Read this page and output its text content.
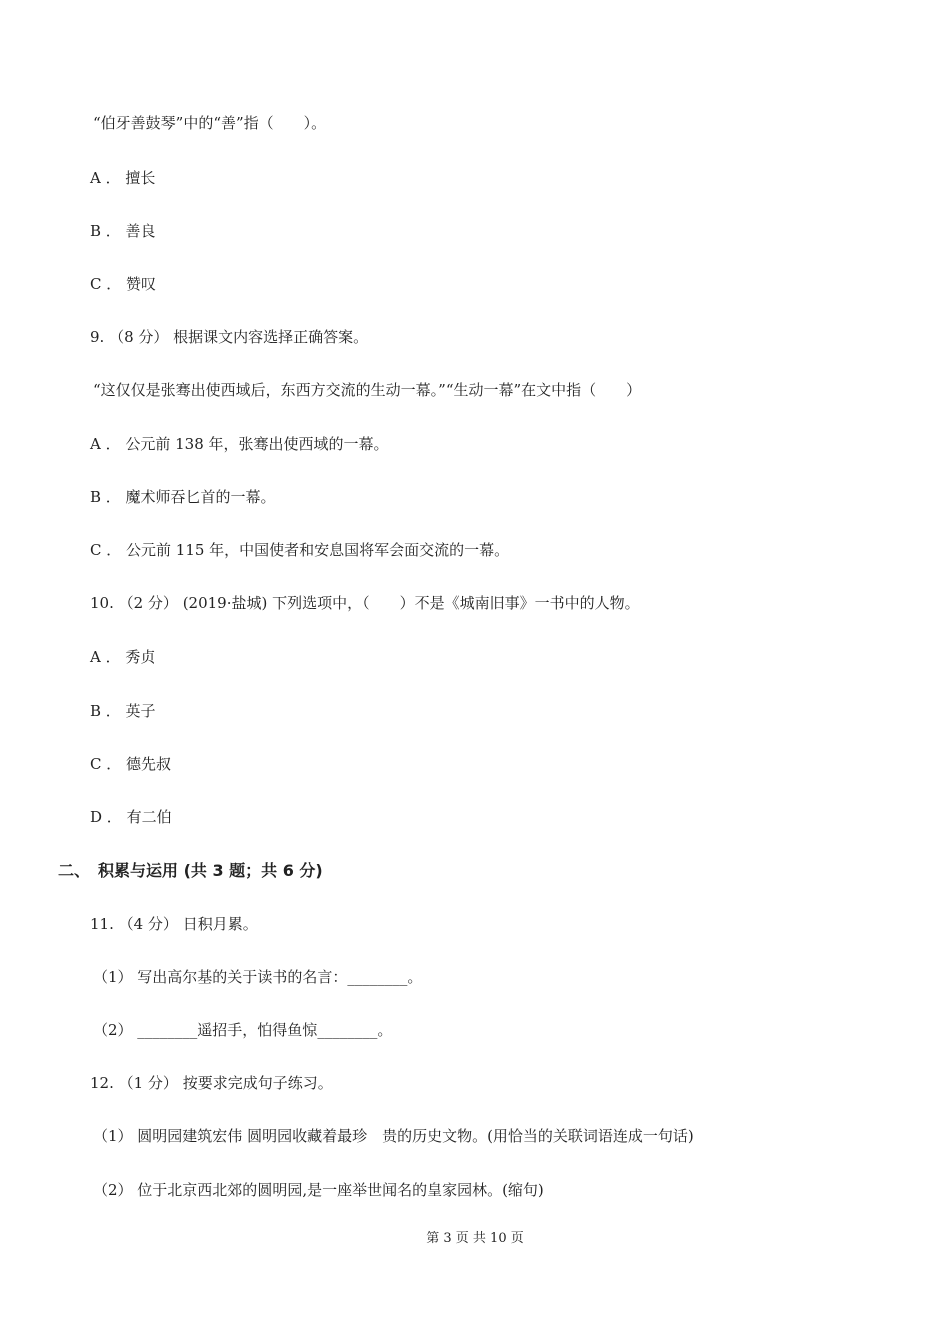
“伯牙善鼓琴”中的“善”指（　　）。
A ． 擅长
B ． 善良
C ． 赞叹
9. （8 分） 根据课文内容选择正确答案。
“这仅仅是张骞出使西域后，东西方交流的生动一幕。”“生动一幕”在文中指（　　）
A ． 公元前 138 年，张骞出使西域的一幕。
B ． 魔术师吞匕首的一幕。
C ． 公元前 115 年，中国使者和安息国将军会面交流的一幕。
10. （2 分） (2019·盐城) 下列选项中，（　　）不是《城南旧事》一书中的人物。
A ． 秀贞
B ． 英子
C ． 德先叔
D ． 有二伯
二、　积累与运用 (共 3 题；共 6 分)
11. （4 分） 日积月累。
（1） 写出高尔基的关于读书的名言：________。
（2） ________遥招手，怕得鱼惊________。
12. （1 分） 按要求完成句子练习。
（1） 圆明园建筑宏伟 圆明园收藏着最珍　贵的历史文物。(用恰当的关联词语连成一句话)
（2） 位于北京西北郊的圆明园,是一座举世闻名的皇家园林。(缩句)
第 3 页 共 10 页
